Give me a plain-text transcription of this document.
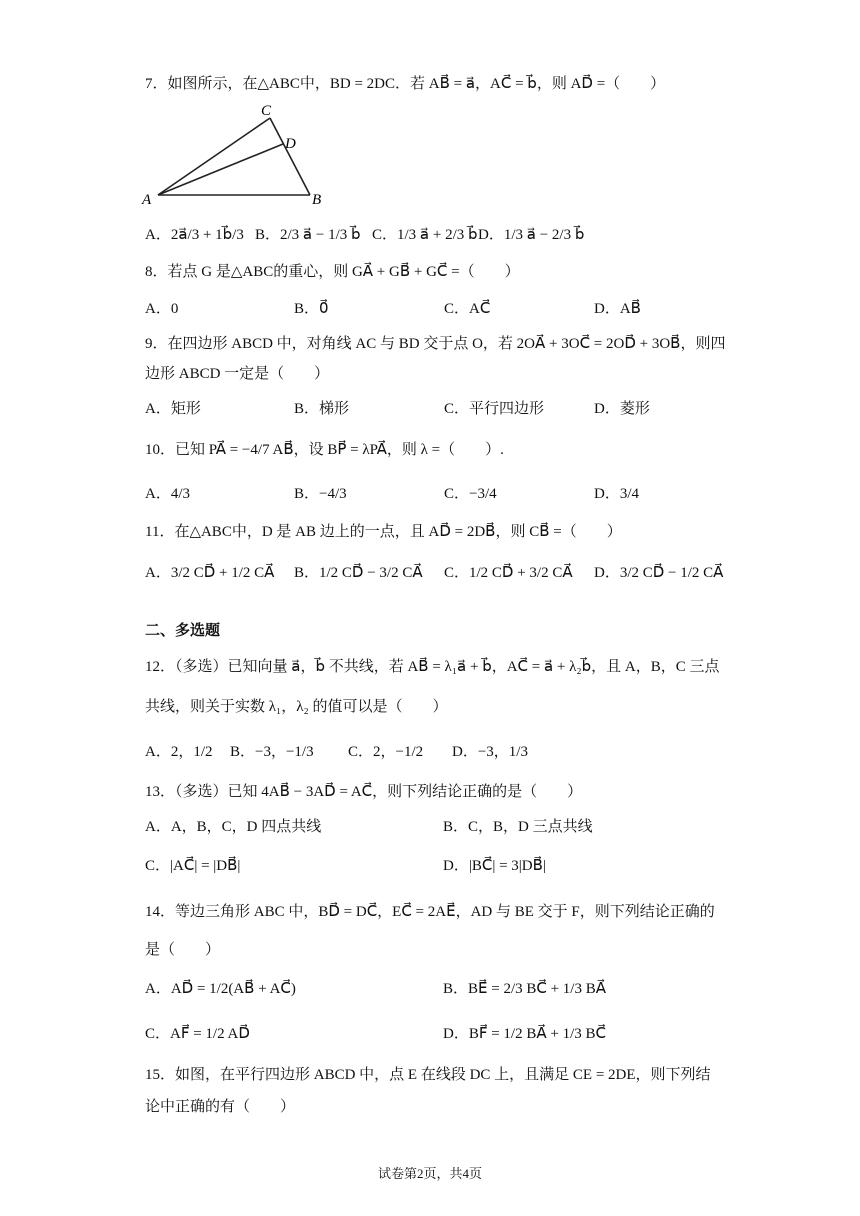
7．如图所示，在△ABC中，BD = 2DC．若 AB⃗ = a⃗，AC⃗ = b⃗，则 AD⃗ =（　　）
A	B
C
D
A．2a⃗/3 + 1b⃗/3 B．2/3 a⃗ − 1/3 b⃗ C．1/3 a⃗ + 2/3 b⃗ D．1/3 a⃗ − 2/3 b⃗
8．若点 G 是△ABC的重心，则 GA⃗ + GB⃗ + GC⃗ =（　　）
A．0	B．0⃗	C．AC⃗	D．AB⃗
9．在四边形 ABCD 中，对角线 AC 与 BD 交于点 O，若 2OA⃗ + 3OC⃗ = 2OD⃗ + 3OB⃗，则四
边形 ABCD 一定是（　　）
A．矩形	B．梯形	C．平行四边形	D．菱形
10．已知 PA⃗ = −4/7 AB⃗，设 BP⃗ = λPA⃗，则 λ =（　　）.
A．4/3	B．−4/3	C．−3/4	D．3/4
11．在△ABC中，D 是 AB 边上的一点，且 AD⃗ = 2DB⃗，则 CB⃗ =（　　）
A．3/2 CD⃗ + 1/2 CA⃗ B．1/2 CD⃗ − 3/2 CA⃗ C．1/2 CD⃗ + 3/2 CA⃗ D．3/2 CD⃗ − 1/2 CA⃗
二、多选题
12．（多选）已知向量 a⃗，b⃗ 不共线，若 AB⃗ = λ₁a⃗ + b⃗，AC⃗ = a⃗ + λ₂b⃗，且 A，B，C 三点
共线，则关于实数 λ₁，λ₂ 的值可以是（　　）
A．2，1/2 B．−3，−1/3 C．2，−1/2 D．−3，1/3
13．（多选）已知 4AB⃗ − 3AD⃗ = AC⃗，则下列结论正确的是（　　）
A．A，B，C，D 四点共线	B．C，B，D 三点共线
C．|AC⃗| = |DB⃗|	D．|BC⃗| = 3|DB⃗|
14．等边三角形 ABC 中，BD⃗ = DC⃗，EC⃗ = 2AE⃗，AD 与 BE 交于 F，则下列结论正确的
是（　　）
A．AD⃗ = 1/2(AB⃗ + AC⃗)	B．BE⃗ = 2/3 BC⃗ + 1/3 BA⃗
C．AF⃗ = 1/2 AD⃗	D．BF⃗ = 1/2 BA⃗ + 1/3 BC⃗
15．如图，在平行四边形 ABCD 中，点 E 在线段 DC 上，且满足 CE = 2DE，则下列结
论中正确的有（　　）
试卷第2页，共4页
